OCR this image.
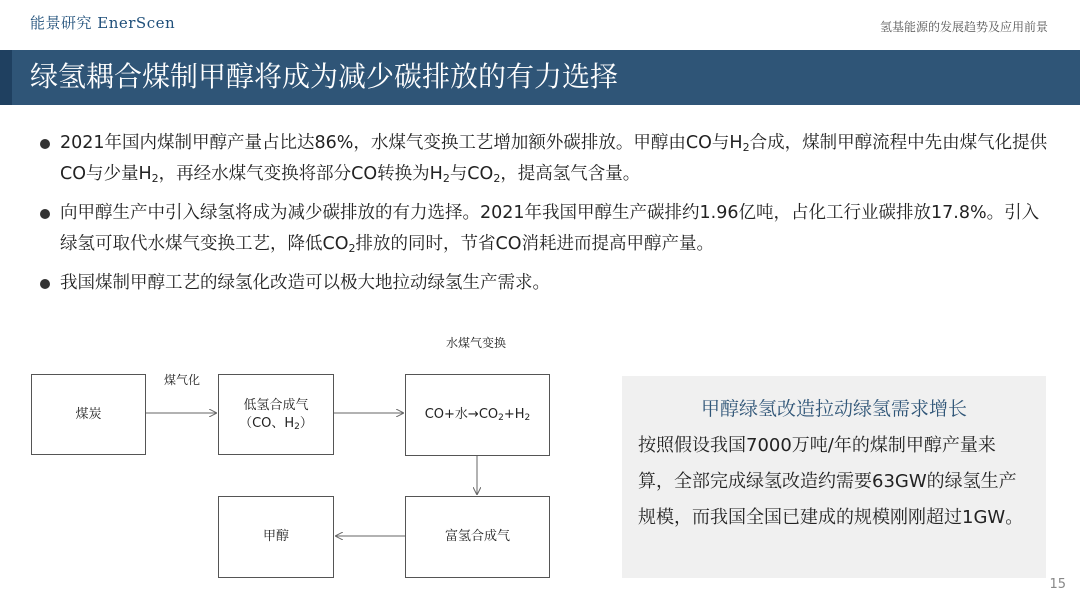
能景研究 EnerScen	氢基能源的发展趋势及应用前景
绿氢耦合煤制甲醇将成为减少碳排放的有力选择
2021年国内煤制甲醇产量占比达86%，水煤气变换工艺增加额外碳排放。甲醇由CO与$H_2$合成，煤制甲醇流程中先由煤气化提供CO与少量$H_2$，再经水煤气变换将部分CO转换为$H_2$与$CO_2$，提高氢气含量。
向甲醇生产中引入绿氢将成为减少碳排放的有力选择。2021年我国甲醇生产碳排约1.96亿吨，占化工行业碳排放17.8%。引入绿氢可取代水煤气变换工艺，降低$CO_2$排放的同时，节省CO消耗进而提高甲醇产量。
我国煤制甲醇工艺的绿氢化改造可以极大地拉动绿氢生产需求。
水煤气变换
煤气化
煤炭
低氢合成气
（CO、$H_2$）
CO+水$\to CO_2+H_2$
富氢合成气
甲醇
甲醇绿氢改造拉动绿氢需求增长
按照假设我国7000万吨/年的煤制甲醇产量来算，全部完成绿氢改造约需要63GW的绿氢生产规模，而我国全国已建成的规模刚刚超过1GW。
15
